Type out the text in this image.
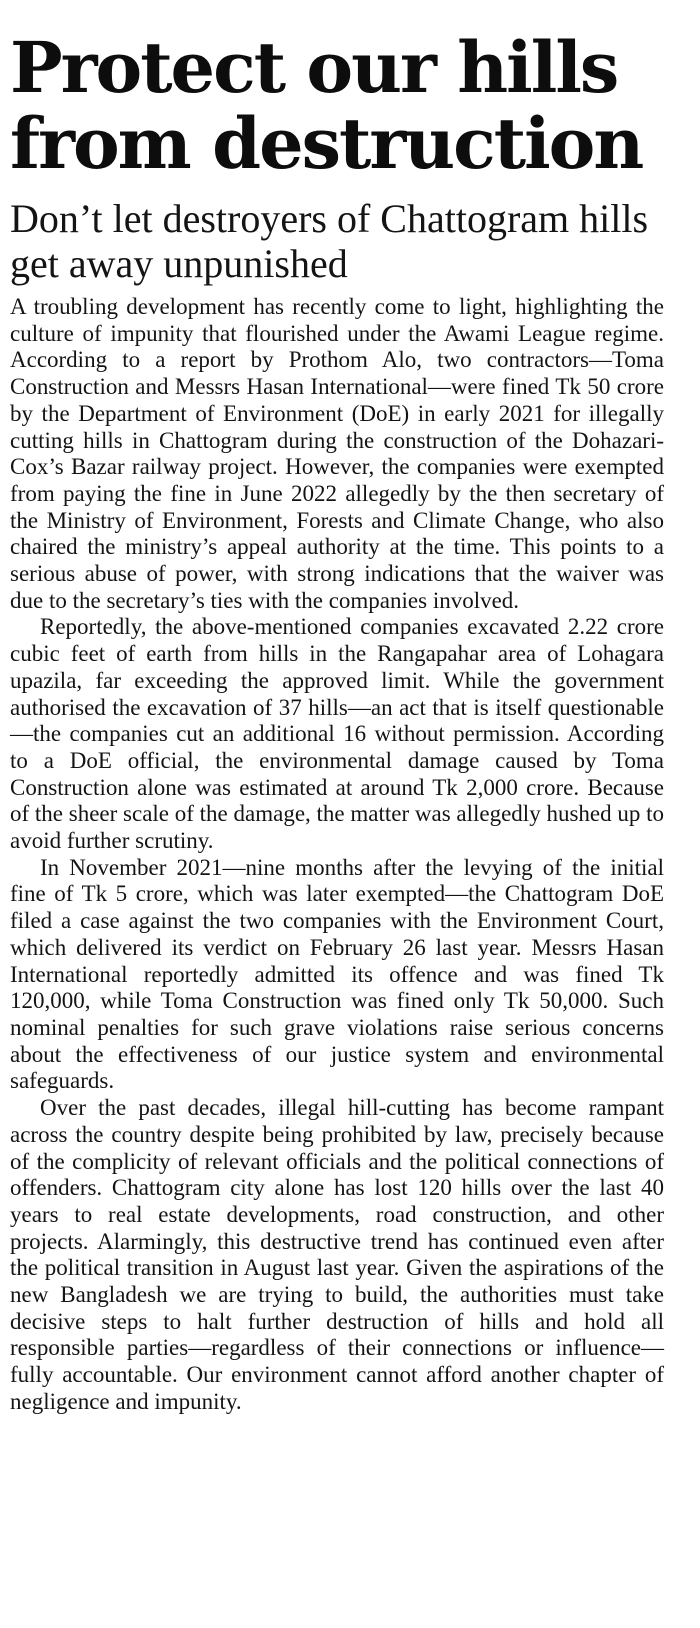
Protect our hills from destruction
Don’t let destroyers of Chattogram hills get away unpunished

A troubling development has recently come to light, highlighting the culture of impunity that flourished under the Awami League regime. According to a report by Prothom Alo, two contractors—Toma Construction and Messrs Hasan International—were fined Tk 50 crore by the Department of Environment (DoE) in early 2021 for illegally cutting hills in Chattogram during the construction of the Dohazari-Cox’s Bazar railway project. However, the companies were exempted from paying the fine in June 2022 allegedly by the then secretary of the Ministry of Environment, Forests and Climate Change, who also chaired the ministry’s appeal authority at the time. This points to a serious abuse of power, with strong indications that the waiver was due to the secretary’s ties with the companies involved.

Reportedly, the above-mentioned companies excavated 2.22 crore cubic feet of earth from hills in the Rangapahar area of Lohagara upazila, far exceeding the approved limit. While the government authorised the excavation of 37 hills—an act that is itself questionable—the companies cut an additional 16 without permission. According to a DoE official, the environmental damage caused by Toma Construction alone was estimated at around Tk 2,000 crore. Because of the sheer scale of the damage, the matter was allegedly hushed up to avoid further scrutiny.

In November 2021—nine months after the levying of the initial fine of Tk 5 crore, which was later exempted—the Chattogram DoE filed a case against the two companies with the Environment Court, which delivered its verdict on February 26 last year. Messrs Hasan International reportedly admitted its offence and was fined Tk 120,000, while Toma Construction was fined only Tk 50,000. Such nominal penalties for such grave violations raise serious concerns about the effectiveness of our justice system and environmental safeguards.

Over the past decades, illegal hill-cutting has become rampant across the country despite being prohibited by law, precisely because of the complicity of relevant officials and the political connections of offenders. Chattogram city alone has lost 120 hills over the last 40 years to real estate developments, road construction, and other projects. Alarmingly, this destructive trend has continued even after the political transition in August last year. Given the aspirations of the new Bangladesh we are trying to build, the authorities must take decisive steps to halt further destruction of hills and hold all responsible parties—regardless of their connections or influence—fully accountable. Our environment cannot afford another chapter of negligence and impunity.
